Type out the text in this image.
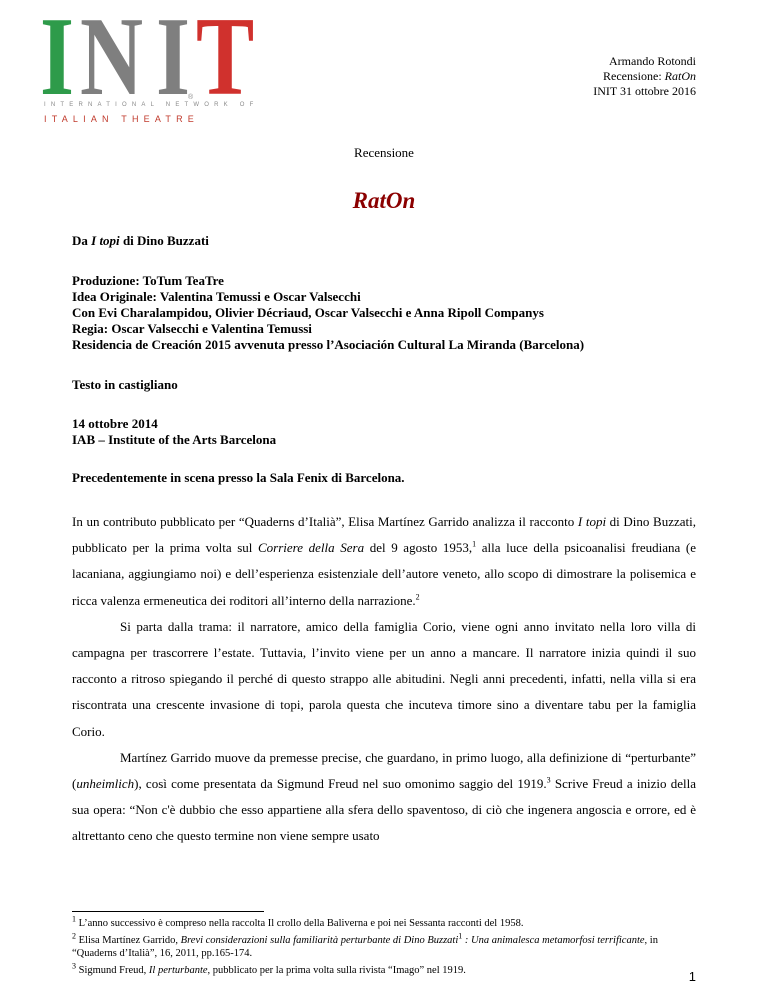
I N I T
INTERNATIONAL NETWORK OF
ITALIAN THEATRE
®
Armando Rotondi
Recensione: RatOn
INIT 31 ottobre 2016
Recensione
RatOn
Da I topi di Dino Buzzati
Produzione: ToTum TeaTre
Idea Originale: Valentina Temussi e Oscar Valsecchi
Con Evi Charalampidou, Olivier Décriaud, Oscar Valsecchi e Anna Ripoll Companys
Regia: Oscar Valsecchi e Valentina Temussi
Residencia de Creación 2015 avvenuta presso l’Asociación Cultural La Miranda (Barcelona)
Testo in castigliano
14 ottobre 2014
IAB – Institute of the Arts Barcelona
Precedentemente in scena presso la Sala Fenix di Barcelona.

In un contributo pubblicato per “Quaderns d’Italià”, Elisa Martínez Garrido analizza il racconto I topi di Dino Buzzati, pubblicato per la prima volta sul Corriere della Sera del 9 agosto 1953,$^1$ alla luce della psicoanalisi freudiana (e lacaniana, aggiungiamo noi) e dell’esperienza esistenziale dell’autore veneto, allo scopo di dimostrare la polisemica e ricca valenza ermeneutica dei roditori all’interno della narrazione.$^2$

Si parta dalla trama: il narratore, amico della famiglia Corio, viene ogni anno invitato nella loro villa di campagna per trascorrere l’estate. Tuttavia, l’invito viene per un anno a mancare. Il narratore inizia quindi il suo racconto a ritroso spiegando il perché di questo strappo alle abitudini. Negli anni precedenti, infatti, nella villa si era riscontrata una crescente invasione di topi, parola questa che incuteva timore sino a diventare tabu per la famiglia Corio.

Martínez Garrido muove da premesse precise, che guardano, in primo luogo, alla definizione di “perturbante” (unheimlich), così come presentata da Sigmund Freud nel suo omonimo saggio del 1919.$^3$ Scrive Freud a inizio della sua opera: “Non c'è dubbio che esso appartiene alla sfera dello spaventoso, di ciò che ingenera angoscia e orrore, ed è altrettanto ceno che questo termine non viene sempre usato

$^1$ L’anno successivo è compreso nella raccolta Il crollo della Baliverna e poi nei Sessanta racconti del 1958.
$^2$ Elisa Martínez Garrido, Brevi considerazioni sulla familiarità perturbante di Dino Buzzati$^1$ : Una animalesca metamorfosi terrificante, in “Quaderns d’Italià”, 16, 2011, pp.165-174.
$^3$ Sigmund Freud, Il perturbante, pubblicato per la prima volta sulla rivista “Imago” nel 1919.	1
